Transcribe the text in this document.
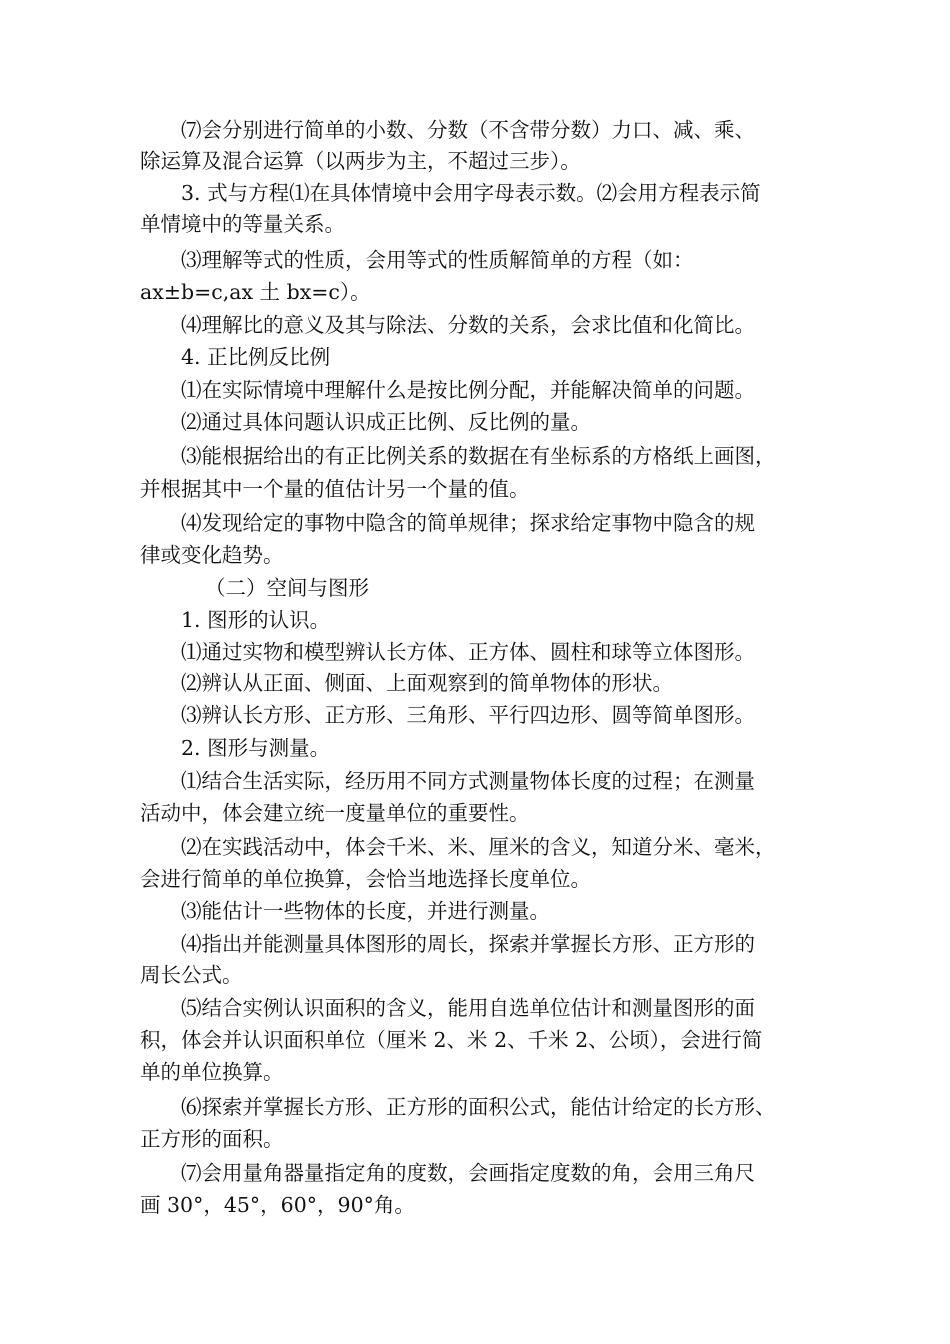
⑺会分别进行简单的小数、分数（不含带分数）力口、减、乘、
除运算及混合运算（以两步为主，不超过三步）。
3. 式与方程⑴在具体情境中会用字母表示数。⑵会用方程表示简
单情境中的等量关系。
⑶理解等式的性质，会用等式的性质解简单的方程（如：
ax±b=c,ax 土 bx=c）。
⑷理解比的意义及其与除法、分数的关系，会求比值和化简比。
4. 正比例反比例
⑴在实际情境中理解什么是按比例分配，并能解决简单的问题。
⑵通过具体问题认识成正比例、反比例的量。
⑶能根据给出的有正比例关系的数据在有坐标系的方格纸上画图，
并根据其中一个量的值估计另一个量的值。
⑷发现给定的事物中隐含的简单规律；探求给定事物中隐含的规
律或变化趋势。
（二）空间与图形
1. 图形的认识。
⑴通过实物和模型辨认长方体、正方体、圆柱和球等立体图形。
⑵辨认从正面、侧面、上面观察到的简单物体的形状。
⑶辨认长方形、正方形、三角形、平行四边形、圆等简单图形。
2. 图形与测量。
⑴结合生活实际，经历用不同方式测量物体长度的过程；在测量
活动中，体会建立统一度量单位的重要性。
⑵在实践活动中，体会千米、米、厘米的含义，知道分米、毫米，
会进行简单的单位换算，会恰当地选择长度单位。
⑶能估计一些物体的长度，并进行测量。
⑷指出并能测量具体图形的周长，探索并掌握长方形、正方形的
周长公式。
⑸结合实例认识面积的含义，能用自选单位估计和测量图形的面
积，体会并认识面积单位（厘米 2、米 2、千米 2、公顷），会进行简
单的单位换算。
⑹探索并掌握长方形、正方形的面积公式，能估计给定的长方形、
正方形的面积。
⑺会用量角器量指定角的度数，会画指定度数的角，会用三角尺
画 30°，45°，60°，90°角。
